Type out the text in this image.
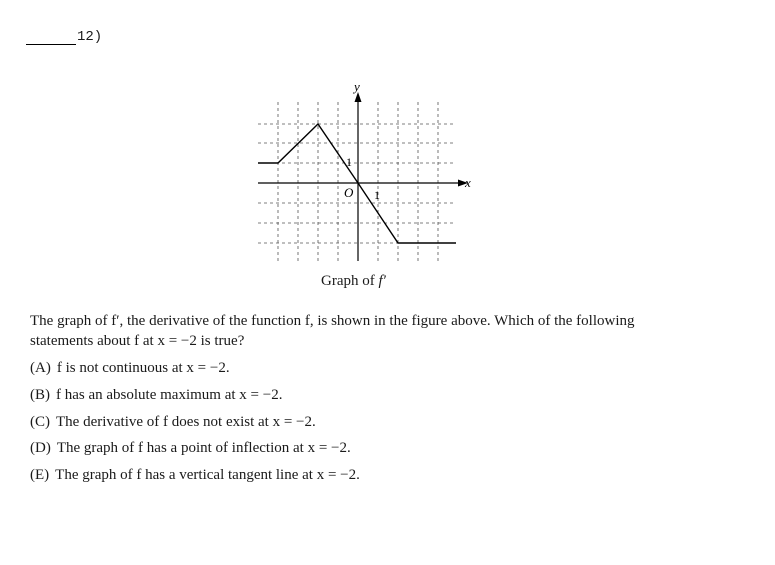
12)
y
x
O 1
1
Graph of f′
The graph of f′, the derivative of the function f, is shown in the figure above. Which of the following
statements about f at x = −2 is true?
(A) f is not continuous at x = −2.
(B) f has an absolute maximum at x = −2.
(C) The derivative of f does not exist at x = −2.
(D) The graph of f has a point of inflection at x = −2.
(E) The graph of f has a vertical tangent line at x = −2.
